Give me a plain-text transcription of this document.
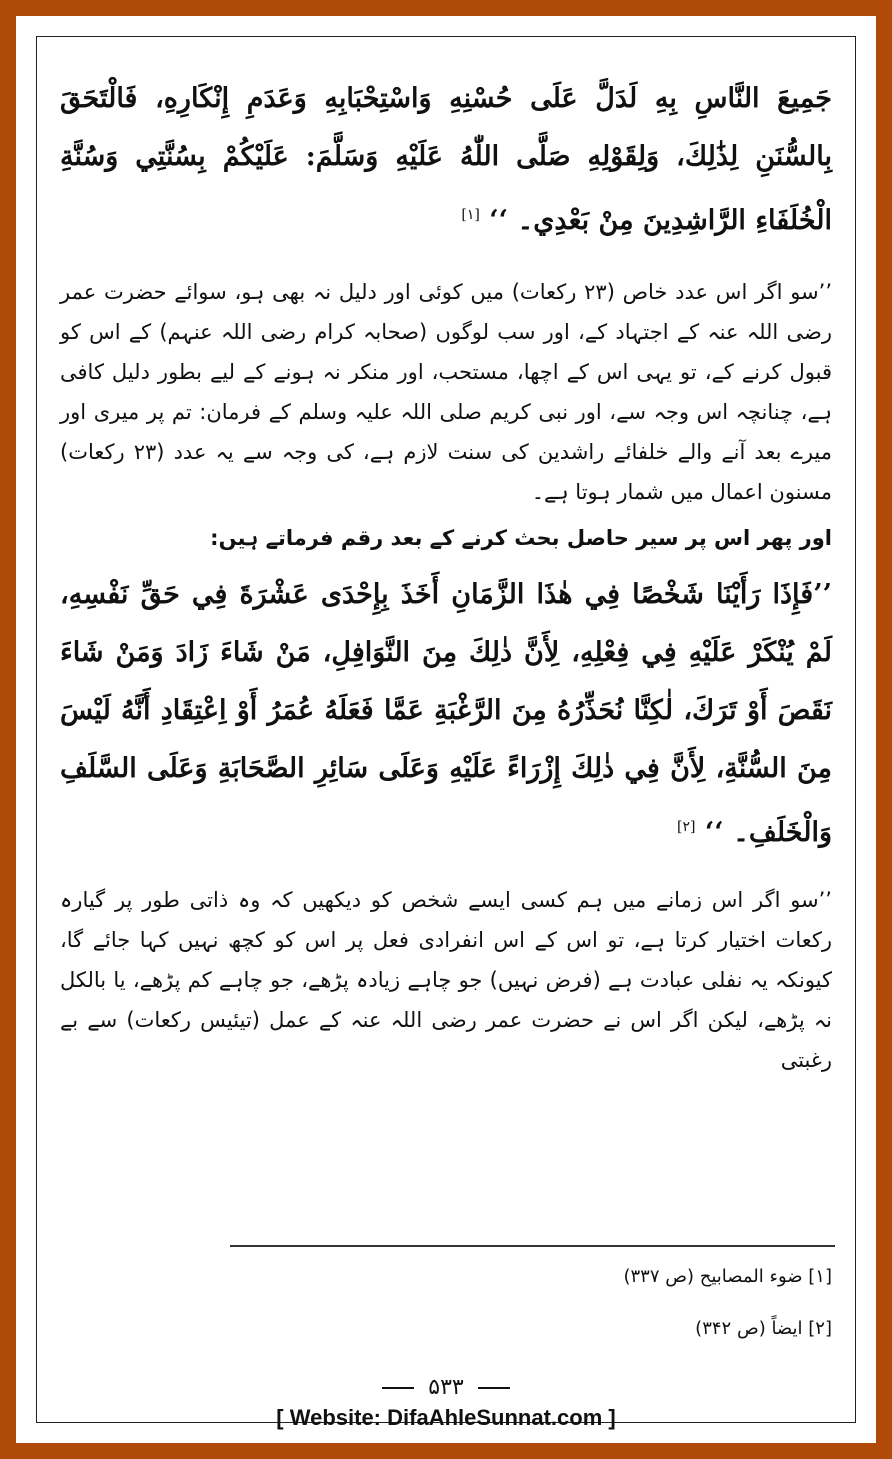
جَمِيعَ النَّاسِ بِهِ لَدَلَّ عَلَى حُسْنِهِ وَاسْتِحْبَابِهِ وَعَدَمِ إِنْكَارِهِ، فَالْتَحَقَ بِالسُّنَنِ لِذَٰلِكَ، وَلِقَوْلِهِ صَلَّى اللّٰهُ عَلَيْهِ وَسَلَّمَ: عَلَيْكُمْ بِسُنَّتِي وَسُنَّةِ الْخُلَفَاءِ الرَّاشِدِينَ مِنْ بَعْدِي۔ ‘‘ [۱]

’’سو اگر اس عدد خاص (۲۳ رکعات) میں کوئی اور دلیل نہ بھی ہو، سوائے حضرت عمر رضی اللہ عنہ کے اجتہاد کے، اور سب لوگوں (صحابہ کرام رضی اللہ عنہم) کے اس کو قبول کرنے کے، تو یہی اس کے اچھا، مستحب، اور منکر نہ ہونے کے لیے بطور دلیل کافی ہے، چنانچہ اس وجہ سے، اور نبی کریم صلی اللہ علیہ وسلم کے فرمان: تم پر میری اور میرے بعد آنے والے خلفائے راشدین کی سنت لازم ہے، کی وجہ سے یہ عدد (۲۳ رکعات) مسنون اعمال میں شمار ہوتا ہے۔

اور پھر اس پر سیر حاصل بحث کرنے کے بعد رقم فرماتے ہیں:

’’فَإِذَا رَأَيْنَا شَخْصًا فِي هٰذَا الزَّمَانِ أَخَذَ بِإِحْدَى عَشْرَةَ فِي حَقِّ نَفْسِهِ، لَمْ يُنْكَرْ عَلَيْهِ فِي فِعْلِهِ، لِأَنَّ ذٰلِكَ مِنَ النَّوَافِلِ، مَنْ شَاءَ زَادَ وَمَنْ شَاءَ نَقَصَ أَوْ تَرَكَ، لٰكِنَّا نُحَذِّرُهُ مِنَ الرَّغْبَةِ عَمَّا فَعَلَهُ عُمَرُ أَوْ اِعْتِقَادِ أَنَّهُ لَيْسَ مِنَ السُّنَّةِ، لِأَنَّ فِي ذٰلِكَ إِزْرَاءً عَلَيْهِ وَعَلَى سَائِرِ الصَّحَابَةِ وَعَلَى السَّلَفِ وَالْخَلَفِ۔ ‘‘ [۲]

’’سو اگر اس زمانے میں ہم کسی ایسے شخص کو دیکھیں کہ وہ ذاتی طور پر گیارہ رکعات اختیار کرتا ہے، تو اس کے اس انفرادی فعل پر اس کو کچھ نہیں کہا جائے گا، کیونکہ یہ نفلی عبادت ہے (فرض نہیں) جو چاہے زیادہ پڑھے، جو چاہے کم پڑھے، یا بالکل نہ پڑھے، لیکن اگر اس نے حضرت عمر رضی اللہ عنہ کے عمل (تیئیس رکعات) سے بے رغبتی

[۱] ضوء المصابیح (ص ۳۳۷)
[۲] ایضاً (ص ۳۴۲)
۵۳۳
[ Website: DifaAhleSunnat.com ]
